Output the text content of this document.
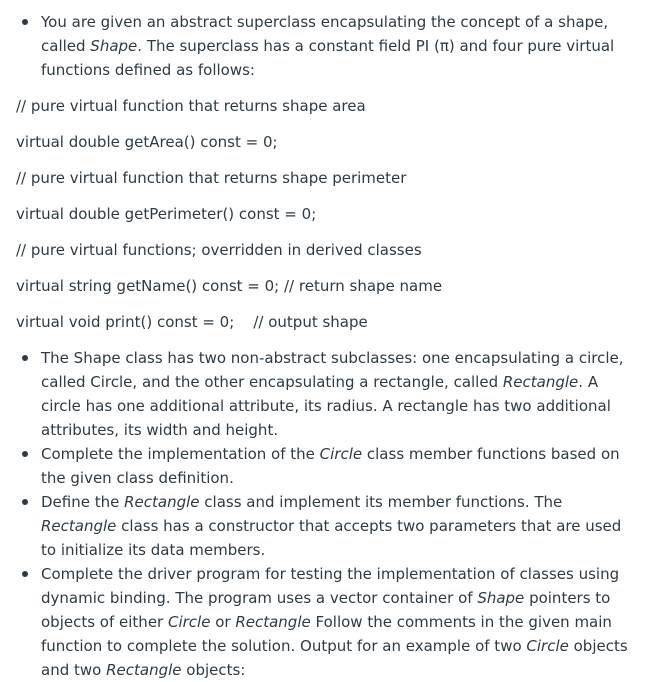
You are given an abstract superclass encapsulating the concept of a shape, called Shape. The superclass has a constant field PI (π) and four pure virtual functions defined as follows:
// pure virtual function that returns shape area
virtual double getArea() const = 0;
// pure virtual function that returns shape perimeter
virtual double getPerimeter() const = 0;
// pure virtual functions; overridden in derived classes
virtual string getName() const = 0; // return shape name
virtual void print() const = 0;    // output shape
The Shape class has two non-abstract subclasses: one encapsulating a circle, called Circle, and the other encapsulating a rectangle, called Rectangle. A circle has one additional attribute, its radius. A rectangle has two additional attributes, its width and height.
Complete the implementation of the Circle class member functions based on the given class definition.
Define the Rectangle class and implement its member functions. The Rectangle class has a constructor that accepts two parameters that are used to initialize its data members.
Complete the driver program for testing the implementation of classes using dynamic binding. The program uses a vector container of Shape pointers to objects of either Circle or Rectangle Follow the comments in the given main function to complete the solution. Output for an example of two Circle objects and two Rectangle objects:
